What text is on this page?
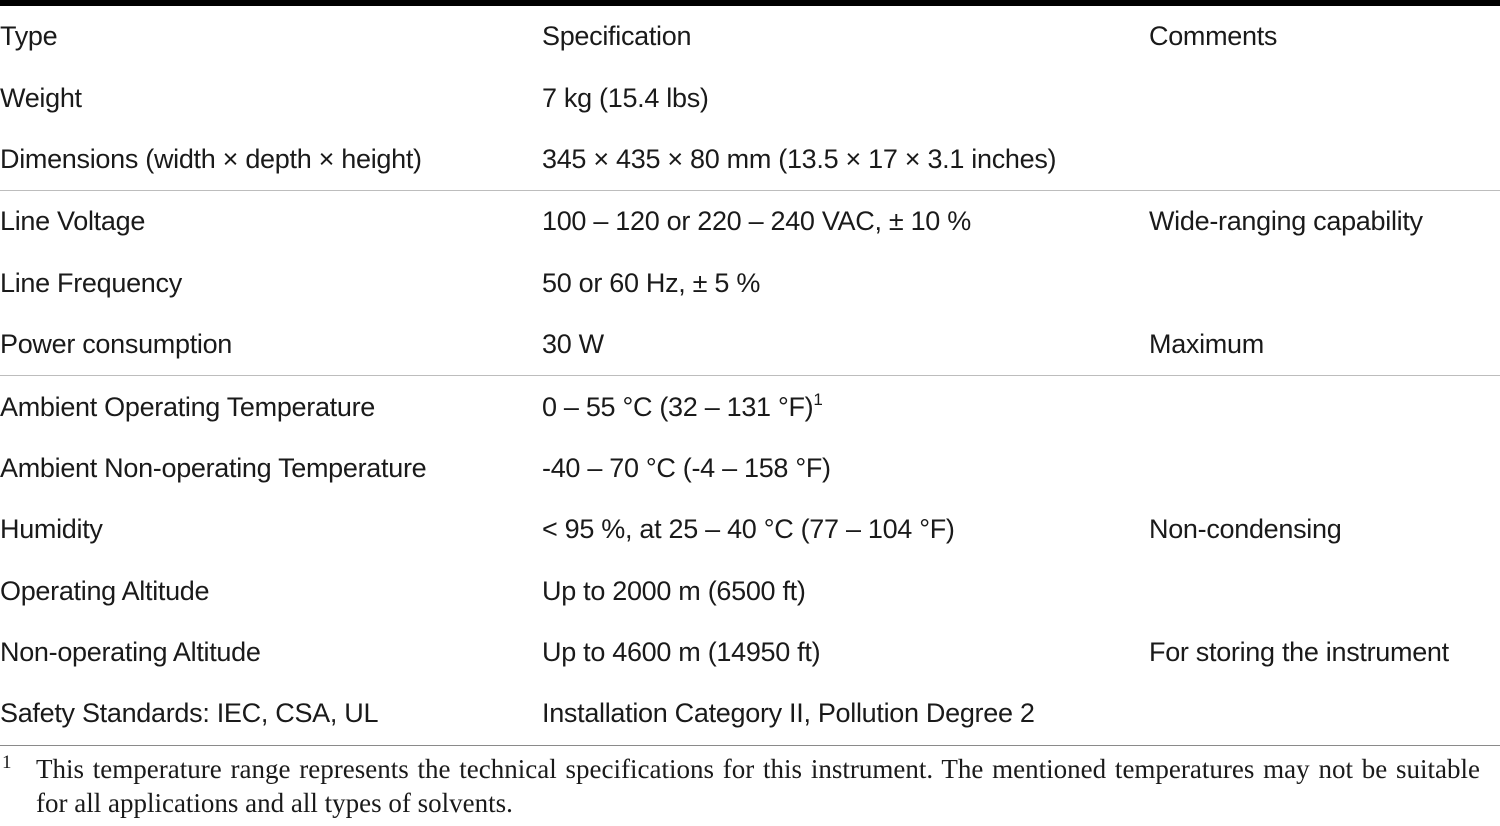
Type	Specification	Comments
Weight	7 kg (15.4 lbs)	
Dimensions (width × depth × height)	345 × 435 × 80 mm (13.5 × 17 × 3.1 inches)	
Line Voltage	100 – 120 or 220 – 240 VAC, ± 10 %	Wide-ranging capability
Line Frequency	50 or 60 Hz, ± 5 %	
Power consumption	30 W	Maximum
Ambient Operating Temperature	0 – 55 °C (32 – 131 °F)$^1$	
Ambient Non-operating Temperature	-40 – 70 °C (-4 – 158 °F)	
Humidity	< 95 %, at 25 – 40 °C (77 – 104 °F)	Non-condensing
Operating Altitude	Up to 2000 m (6500 ft)	
Non-operating Altitude	Up to 4600 m (14950 ft)	For storing the instrument
Safety Standards: IEC, CSA, UL	Installation Category II, Pollution Degree 2	
1 This temperature range represents the technical specifications for this instrument. The mentioned temperatures may not be suitable for all applications and all types of solvents.
